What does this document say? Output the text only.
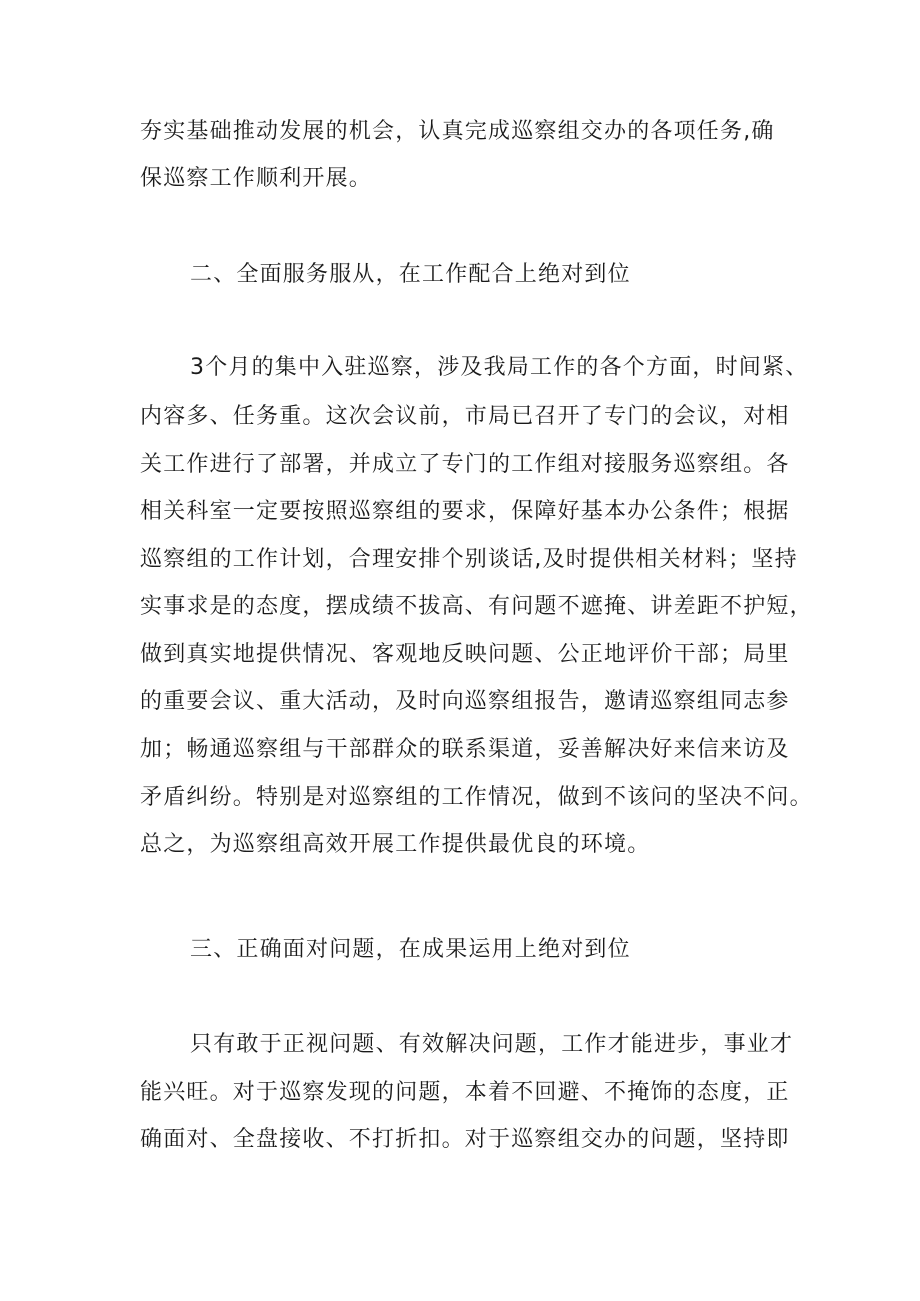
夯实基础推动发展的机会，认真完成巡察组交办的各项任务,确
保巡察工作顺利开展。
二、全面服务服从，在工作配合上绝对到位
3个月的集中入驻巡察，涉及我局工作的各个方面，时间紧、
内容多、任务重。这次会议前，市局已召开了专门的会议，对相
关工作进行了部署，并成立了专门的工作组对接服务巡察组。各
相关科室一定要按照巡察组的要求，保障好基本办公条件；根据
巡察组的工作计划，合理安排个别谈话,及时提供相关材料；坚持
实事求是的态度，摆成绩不拔高、有问题不遮掩、讲差距不护短，
做到真实地提供情况、客观地反映问题、公正地评价干部；局里
的重要会议、重大活动，及时向巡察组报告，邀请巡察组同志参
加；畅通巡察组与干部群众的联系渠道，妥善解决好来信来访及
矛盾纠纷。特别是对巡察组的工作情况，做到不该问的坚决不问。
总之，为巡察组高效开展工作提供最优良的环境。
三、正确面对问题，在成果运用上绝对到位
只有敢于正视问题、有效解决问题，工作才能进步，事业才
能兴旺。对于巡察发现的问题，本着不回避、不掩饰的态度，正
确面对、全盘接收、不打折扣。对于巡察组交办的问题，坚持即
